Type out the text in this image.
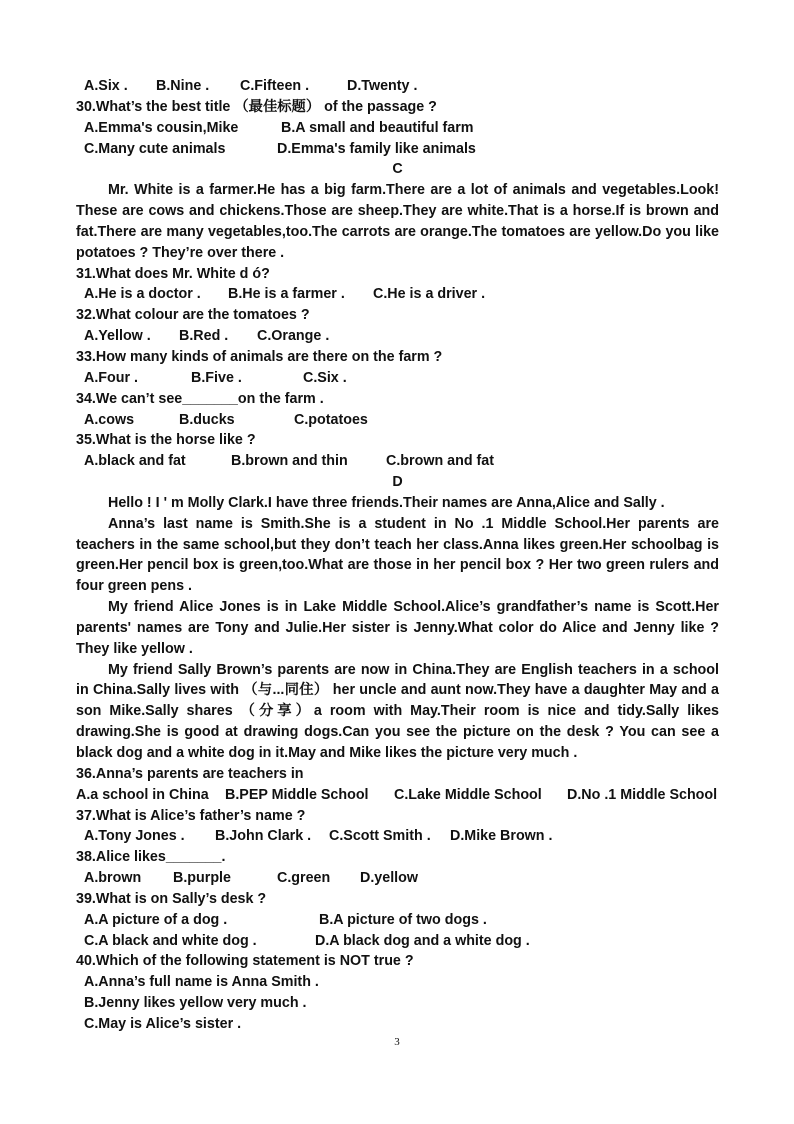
A.Six . B.Nine . C.Fifteen .	D.Twenty .
30.What’s the best title （最佳标题） of the passage ?
A.Emma's cousin,Mike	B.A small and beautiful farm
C.Many cute animals	D.Emma's family like animals
C

Mr. White is a farmer.He has a big farm.There are a lot of animals and vegetables.Look! These are cows and chickens.Those are sheep.They are white.That is a horse.If is brown and fat.There are many vegetables,too.The carrots are orange.The tomatoes are yellow.Do you like potatoes ? They’re over there .

31.What does Mr. White d ó?
A.He is a doctor . B.He is a farmer . C.He is a driver .
32.What colour are the tomatoes ?
A.Yellow . B.Red . C.Orange .
33.How many kinds of animals are there on the farm ?
A.Four .	B.Five .	C.Six .
34.We can’t see_______on the farm .
A.cows	B.ducks	C.potatoes
35.What is the horse like ?
A.black and fat	B.brown and thin	C.brown and fat
D

Hello ! I ' m Molly Clark.I have three friends.Their names are Anna,Alice and Sally .

Anna’s last name is Smith.She is a student in No .1 Middle School.Her parents are teachers in the same school,but they don’t teach her class.Anna likes green.Her schoolbag is green.Her pencil box is green,too.What are those in her pencil box ? Her two green rulers and four green pens .

My friend Alice Jones is in Lake Middle School.Alice’s grandfather’s name is Scott.Her parents' names are Tony and Julie.Her sister is Jenny.What color do Alice and Jenny like ? They like yellow .

My friend Sally Brown’s parents are now in China.They are English teachers in a school in China.Sally lives with （与...同住） her uncle and aunt now.They have a daughter May and a son Mike.Sally shares （分享）a room with May.Their room is nice and tidy.Sally likes drawing.She is good at drawing dogs.Can you see the picture on the desk ? You can see a black dog and a white dog in it.May and Mike likes the picture very much .

36.Anna’s parents are teachers in
A.a school in China B.PEP Middle School C.Lake Middle School D.No .1 Middle School
37.What is Alice’s father’s name ?
A.Tony Jones . B.John Clark . C.Scott Smith . D.Mike Brown .
38.Alice likes_______.
A.brown B.purple	C.green D.yellow
39.What is on Sally’s desk ?
A.A picture of a dog .	B.A picture of two dogs .
C.A black and white dog .	D.A black dog and a white dog .
40.Which of the following statement is NOT true ?
A.Anna’s full name is Anna Smith .
B.Jenny likes yellow very much .
C.May is Alice’s sister .
3
